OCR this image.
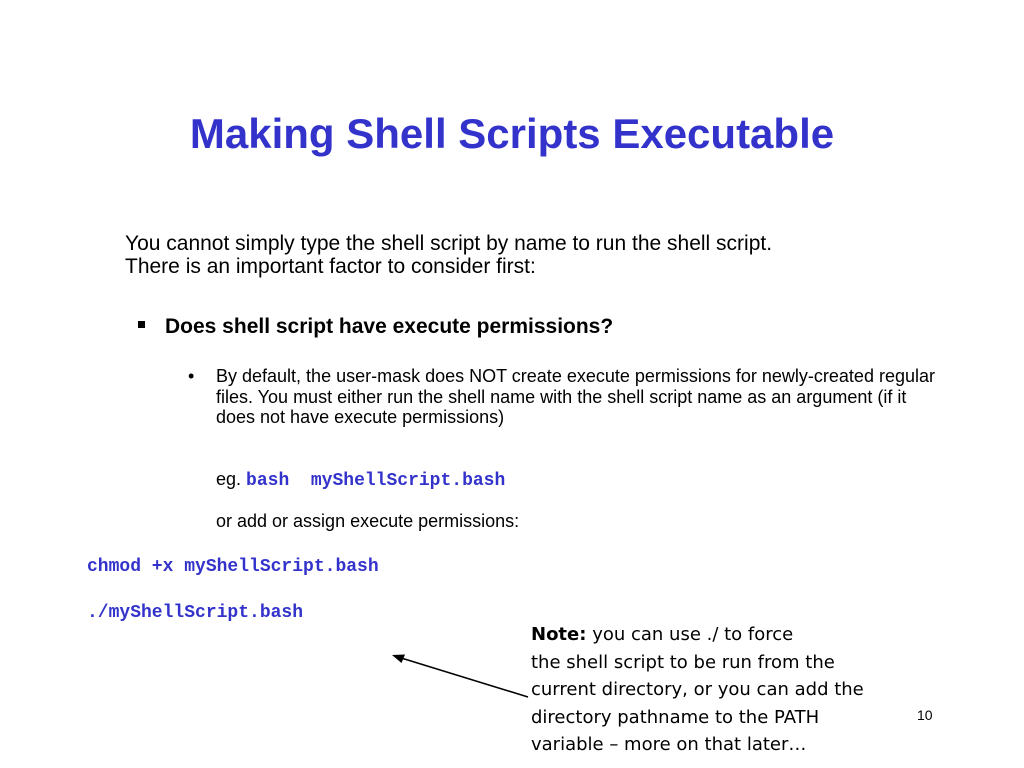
Making Shell Scripts Executable
You cannot simply type the shell script by name to run the shell script.
There is an important factor to consider first:
Does shell script have execute permissions?
• By default, the user-mask does NOT create execute permissions for newly-created regular files. You must either run the shell name with the shell script name as an argument (if it does not have execute permissions)
eg. bash  myShellScript.bash
or add or assign execute permissions:
chmod +x myShellScript.bash
./myShellScript.bash
Note: you can use ./ to force
the shell script to be run from the
current directory, or you can add the
directory pathname to the PATH
variable – more on that later…
10
